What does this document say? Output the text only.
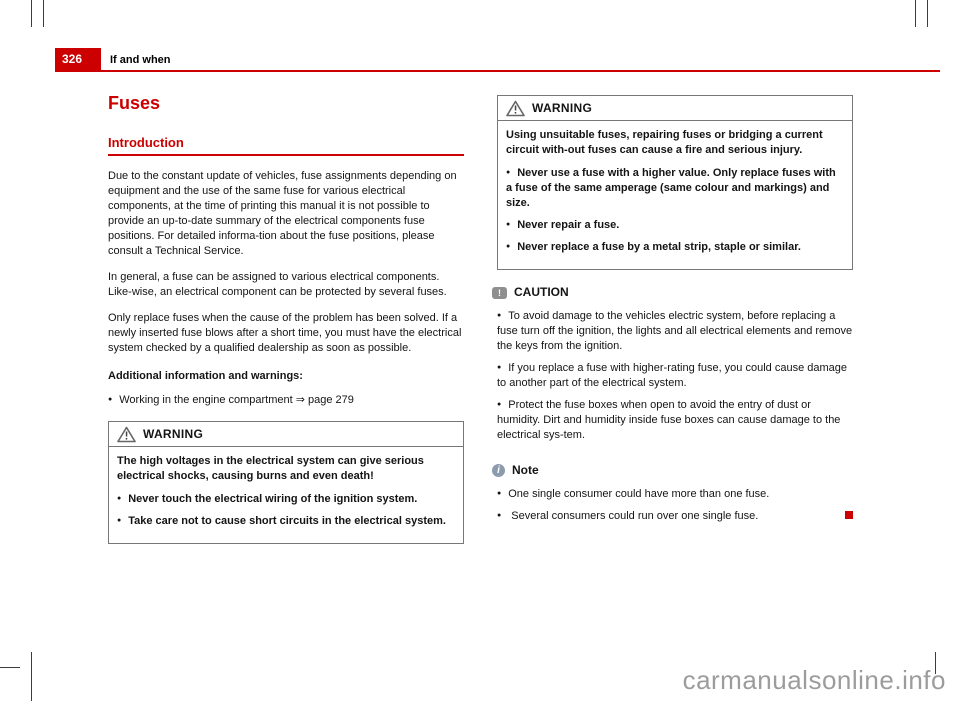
326	If and when
Fuses
Introduction

Due to the constant update of vehicles, fuse assignments depending on equipment and the use of the same fuse for various electrical components, at the time of printing this manual it is not possible to provide an up-to-date summary of the electrical components fuse positions. For detailed informa-tion about the fuse positions, please consult a Technical Service.

In general, a fuse can be assigned to various electrical components. Like-wise, an electrical component can be protected by several fuses.

Only replace fuses when the cause of the problem has been solved. If a newly inserted fuse blows after a short time, you must have the electrical system checked by a qualified dealership as soon as possible.

Additional information and warnings:

● Working in the engine compartment ⇒ page 279

WARNING

The high voltages in the electrical system can give serious electrical shocks, causing burns and even death!

● Never touch the electrical wiring of the ignition system.

● Take care not to cause short circuits in the electrical system.

WARNING

Using unsuitable fuses, repairing fuses or bridging a current circuit with-out fuses can cause a fire and serious injury.

● Never use a fuse with a higher value. Only replace fuses with a fuse of the same amperage (same colour and markings) and size.

● Never repair a fuse.

● Never replace a fuse by a metal strip, staple or similar.

!	CAUTION

● To avoid damage to the vehicles electric system, before replacing a fuse turn off the ignition, the lights and all electrical elements and remove the keys from the ignition.

● If you replace a fuse with higher-rating fuse, you could cause damage to another part of the electrical system.

● Protect the fuse boxes when open to avoid the entry of dust or humidity. Dirt and humidity inside fuse boxes can cause damage to the electrical sys-tem.

i	Note

● One single consumer could have more than one fuse.

● Several consumers could run over one single fuse.

carmanualsonline.info
